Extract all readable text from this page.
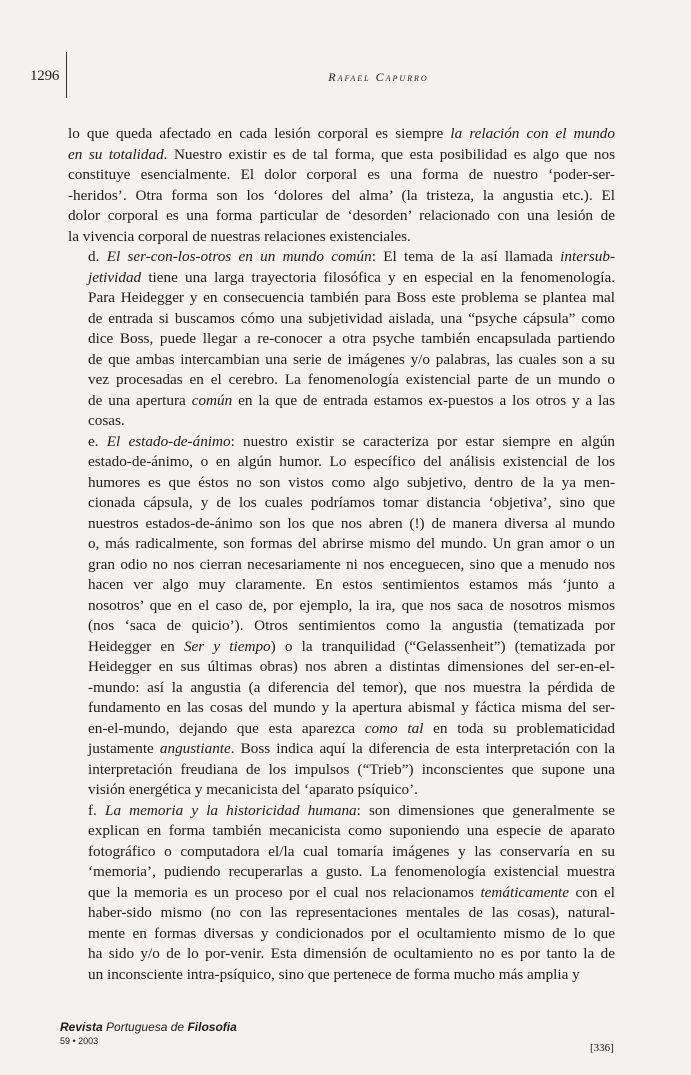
1296	Rafael Capurro

lo que queda afectado en cada lesión corporal es siempre la relación con el mundo
en su totalidad. Nuestro existir es de tal forma, que esta posibilidad es algo que nos
constituye esencialmente. El dolor corporal es una forma de nuestro ‘poder-ser-
-heridos’. Otra forma son los ‘dolores del alma’ (la tristeza, la angustia etc.). El
dolor corporal es una forma particular de ‘desorden’ relacionado con una lesión de
la vivencia corporal de nuestras relaciones existenciales.

d. El ser-con-los-otros en un mundo común: El tema de la así llamada intersub-
jetividad tiene una larga trayectoria filosófica y en especial en la fenomenología.
Para Heidegger y en consecuencia también para Boss este problema se plantea mal
de entrada si buscamos cómo una subjetividad aislada, una “psyche cápsula” como
dice Boss, puede llegar a re-conocer a otra psyche también encapsulada partiendo
de que ambas intercambian una serie de imágenes y/o palabras, las cuales son a su
vez procesadas en el cerebro. La fenomenología existencial parte de un mundo o
de una apertura común en la que de entrada estamos ex-puestos a los otros y a las
cosas.

e. El estado-de-ánimo: nuestro existir se caracteriza por estar siempre en algún
estado-de-ánimo, o en algún humor. Lo específico del análisis existencial de los
humores es que éstos no son vistos como algo subjetivo, dentro de la ya men-
cionada cápsula, y de los cuales podríamos tomar distancia ‘objetiva’, sino que
nuestros estados-de-ánimo son los que nos abren (!) de manera diversa al mundo
o, más radicalmente, son formas del abrirse mismo del mundo. Un gran amor o un
gran odio no nos cierran necesariamente ni nos enceguecen, sino que a menudo nos
hacen ver algo muy claramente. En estos sentimientos estamos más ‘junto a
nosotros’ que en el caso de, por ejemplo, la ira, que nos saca de nosotros mismos
(nos ‘saca de quicio’). Otros sentimientos como la angustia (tematizada por
Heidegger en Ser y tiempo) o la tranquilidad (“Gelassenheit”) (tematizada por
Heidegger en sus últimas obras) nos abren a distintas dimensiones del ser-en-el-
-mundo: así la angustia (a diferencia del temor), que nos muestra la pérdida de
fundamento en las cosas del mundo y la apertura abismal y fáctica misma del ser-
en-el-mundo, dejando que esta aparezca como tal en toda su problematicidad
justamente angustiante. Boss indica aquí la diferencia de esta interpretación con la
interpretación freudiana de los impulsos (“Trieb”) inconscientes que supone una
visión energética y mecanicista del ‘aparato psíquico’.

f. La memoria y la historicidad humana: son dimensiones que generalmente se
explican en forma también mecanicista como suponiendo una especie de aparato
fotográfico o computadora el/la cual tomaría imágenes y las conservaría en su
‘memoria’, pudiendo recuperarlas a gusto. La fenomenología existencial muestra
que la memoria es un proceso por el cual nos relacionamos temáticamente con el
haber-sido mismo (no con las representaciones mentales de las cosas), natural-
mente en formas diversas y condicionados por el ocultamiento mismo de lo que
ha sido y/o de lo por-venir. Esta dimensión de ocultamiento no es por tanto la de
un inconsciente intra-psíquico, sino que pertenece de forma mucho más amplia y

Revista Portuguesa de Filosofia
59 • 2003
[336]
